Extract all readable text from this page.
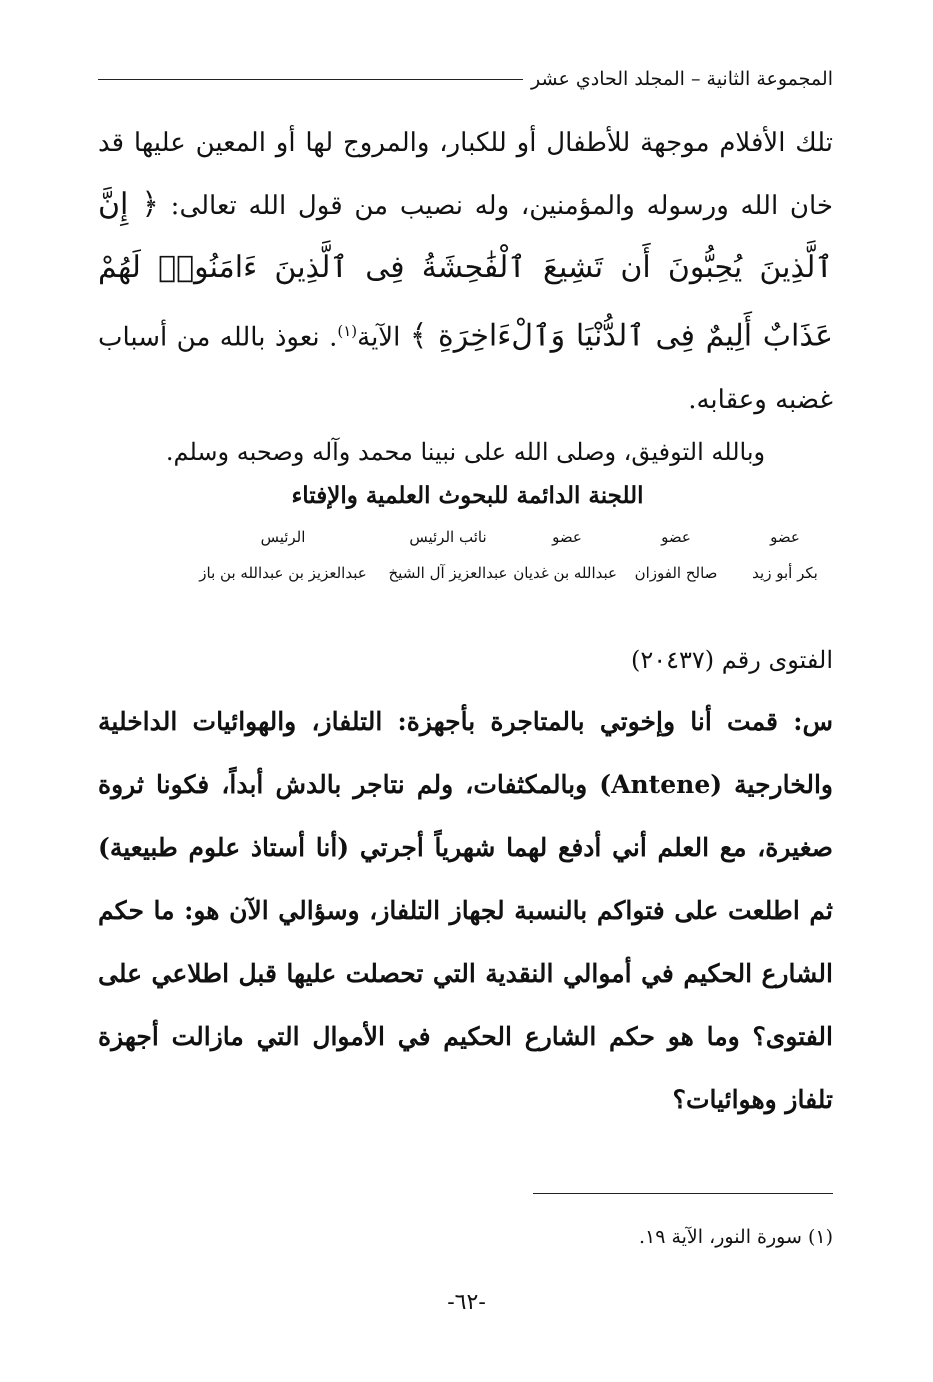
المجموعة الثانية – المجلد الحادي عشر
تلك الأفلام موجهة للأطفال أو للكبار، والمروج لها أو المعين عليها قد خان الله ورسوله والمؤمنين، وله نصيب من قول الله تعالى: ﴿ إِنَّ ٱلَّذِينَ يُحِبُّونَ أَن تَشِيعَ ٱلْفَٰحِشَةُ فِى ٱلَّذِينَ ءَامَنُوا۟ لَهُمْ عَذَابٌ أَلِيمٌ فِى ٱلدُّنْيَا وَٱلْءَاخِرَةِ ﴾ الآية$^{(١)}$. نعوذ بالله من أسباب غضبه وعقابه.
وبالله التوفيق، وصلى الله على نبينا محمد وآله وصحبه وسلم.
اللجنة الدائمة للبحوث العلمية والإفتاء
عضو
عضو
عضو
نائب الرئيس
الرئيس
بكر أبو زيد
صالح الفوزان
عبدالله بن غديان
عبدالعزيز آل الشيخ
عبدالعزيز بن عبدالله بن باز
الفتوى رقم (٢٠٤٣٧)
س: قمت أنا وإخوتي بالمتاجرة بأجهزة: التلفاز، والهوائيات الداخلية والخارجية (Antene) وبالمكثفات، ولم نتاجر بالدش أبداً، فكونا ثروة صغيرة، مع العلم أني أدفع لهما شهرياً أجرتي (أنا أستاذ علوم طبيعية) ثم اطلعت على فتواكم بالنسبة لجهاز التلفاز، وسؤالي الآن هو: ما حكم الشارع الحكيم في أموالي النقدية التي تحصلت عليها قبل اطلاعي على الفتوى؟ وما هو حكم الشارع الحكيم في الأموال التي مازالت أجهزة تلفاز وهوائيات؟
(١) سورة النور، الآية ١٩.
-٦٢-
